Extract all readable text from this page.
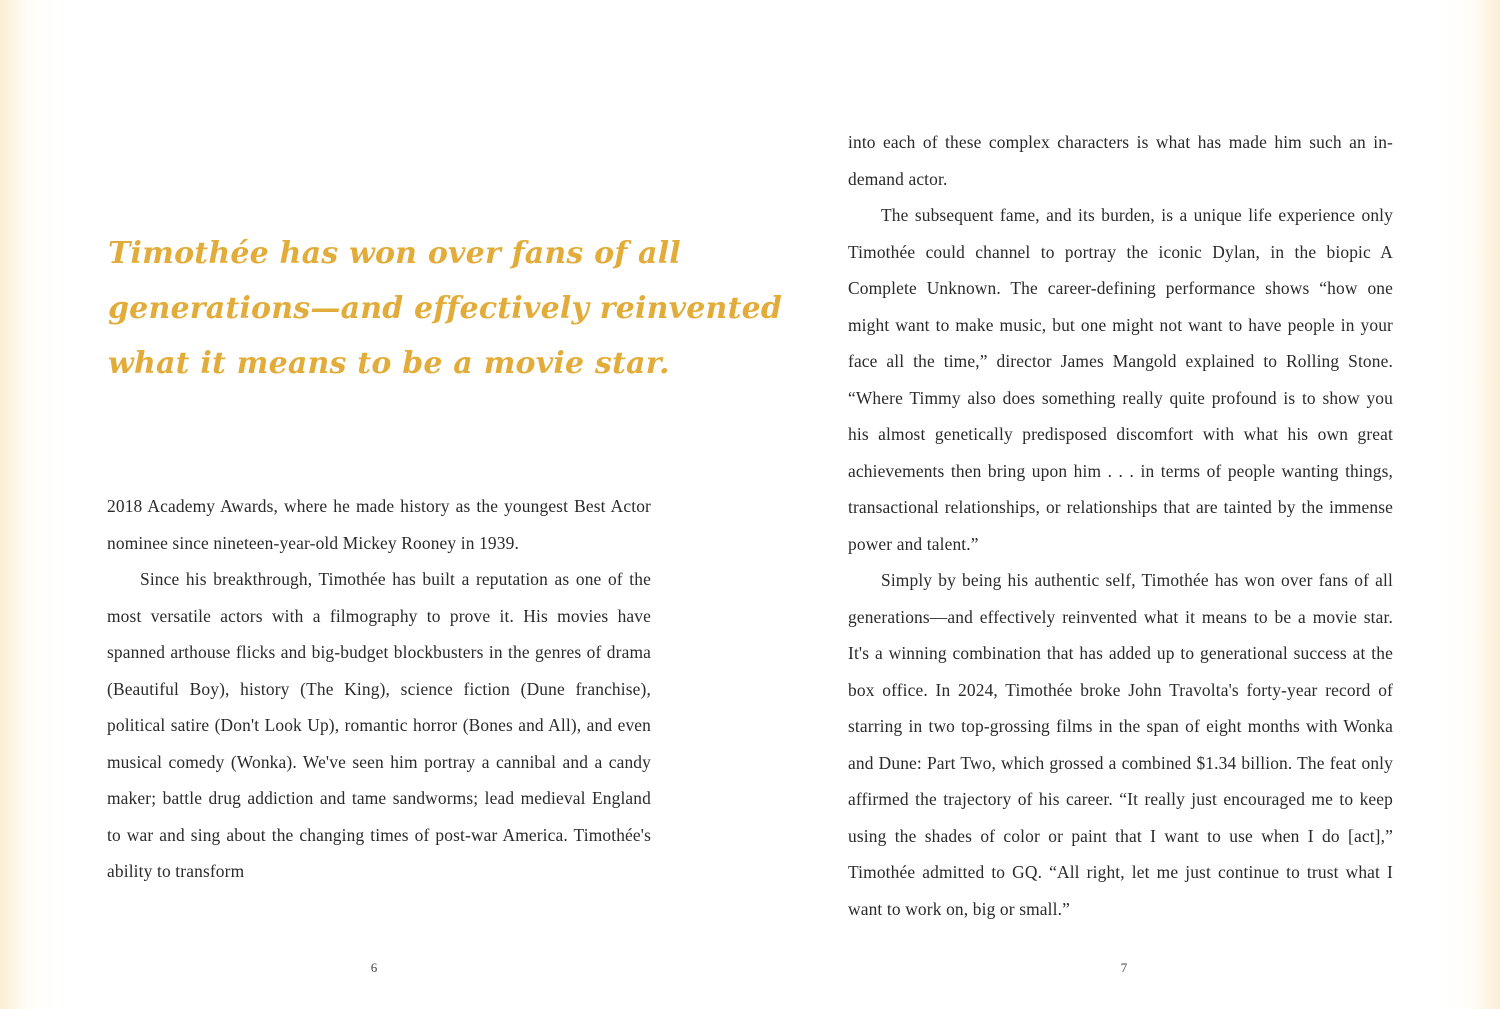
Timothée has won over fans of all
generations—and effectively reinvented
what it means to be a movie star.

2018 Academy Awards, where he made history as the youngest Best Actor nominee since nineteen-year-old Mickey Rooney in 1939.

Since his breakthrough, Timothée has built a reputation as one of the most versatile actors with a filmography to prove it. His movies have spanned arthouse flicks and big-budget blockbusters in the genres of drama (Beautiful Boy), history (The King), science fiction (Dune franchise), political satire (Don't Look Up), romantic horror (Bones and All), and even musical comedy (Wonka). We've seen him portray a cannibal and a candy maker; battle drug addiction and tame sandworms; lead medieval England to war and sing about the changing times of post-war America. Timothée's ability to transform

6

into each of these complex characters is what has made him such an in-demand actor.

The subsequent fame, and its burden, is a unique life experience only Timothée could channel to portray the iconic Dylan, in the biopic A Complete Unknown. The career-defining performance shows “how one might want to make music, but one might not want to have people in your face all the time,” director James Mangold explained to Rolling Stone. “Where Timmy also does something really quite profound is to show you his almost genetically predisposed discomfort with what his own great achievements then bring upon him . . . in terms of people wanting things, transactional relationships, or relationships that are tainted by the immense power and talent.”

Simply by being his authentic self, Timothée has won over fans of all generations—and effectively reinvented what it means to be a movie star. It's a winning combination that has added up to generational success at the box office. In 2024, Timothée broke John Travolta's forty-year record of starring in two top-grossing films in the span of eight months with Wonka and Dune: Part Two, which grossed a combined $1.34 billion. The feat only affirmed the trajectory of his career. “It really just encouraged me to keep using the shades of color or paint that I want to use when I do [act],” Timothée admitted to GQ. “All right, let me just continue to trust what I want to work on, big or small.”

7
